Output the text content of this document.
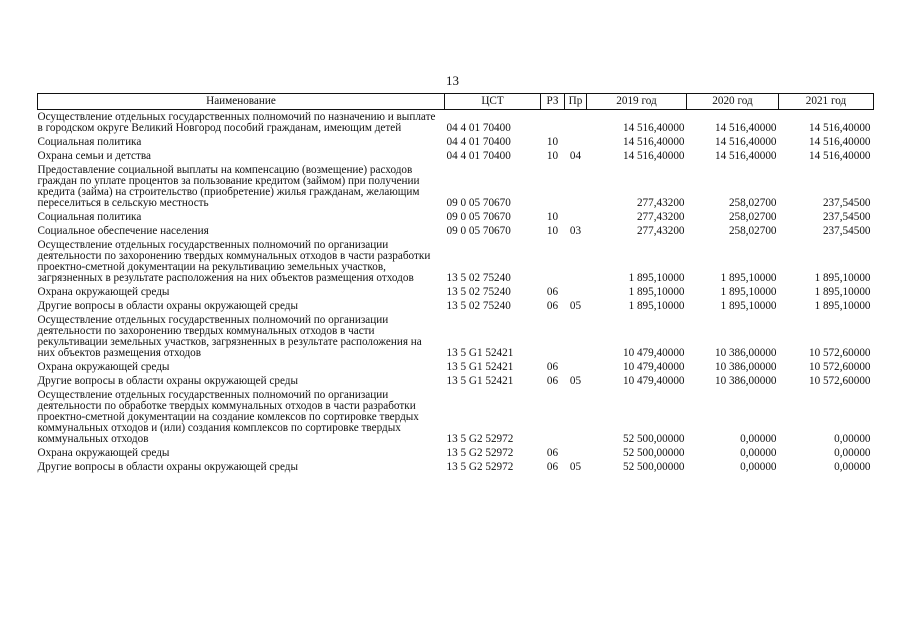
13
Наименование	ЦСТ	РЗ	Пр	2019 год	2020 год	2021 год
Осуществление отдельных государственных полномочий по назначению и выплате в городском округе Великий Новгород пособий гражданам, имеющим детей	04 4 01 70400			14 516,40000	14 516,40000	14 516,40000
Социальная политика	04 4 01 70400	10		14 516,40000	14 516,40000	14 516,40000
Охрана семьи и детства	04 4 01 70400	10	04	14 516,40000	14 516,40000	14 516,40000
Предоставление социальной выплаты на компенсацию (возмещение) расходов граждан по уплате процентов за пользование кредитом (займом) при получении кредита (займа) на строительство (приобретение) жилья гражданам, желающим переселиться в сельскую местность	09 0 05 70670			277,43200	258,02700	237,54500
Социальная политика	09 0 05 70670	10		277,43200	258,02700	237,54500
Социальное обеспечение населения	09 0 05 70670	10	03	277,43200	258,02700	237,54500
Осуществление отдельных государственных полномочий по организации деятельности по захоронению твердых коммунальных отходов в части разработки проектно-сметной документации на рекультивацию земельных участков, загрязненных в результате расположения на них объектов размещения отходов	13 5 02 75240			1 895,10000	1 895,10000	1 895,10000
Охрана окружающей среды	13 5 02 75240	06		1 895,10000	1 895,10000	1 895,10000
Другие вопросы в области охраны окружающей среды	13 5 02 75240	06	05	1 895,10000	1 895,10000	1 895,10000
Осуществление отдельных государственных полномочий по организации деятельности по захоронению твердых коммунальных отходов в части рекультивации земельных участков, загрязненных в результате расположения на них объектов размещения отходов	13 5 G1 52421			10 479,40000	10 386,00000	10 572,60000
Охрана окружающей среды	13 5 G1 52421	06		10 479,40000	10 386,00000	10 572,60000
Другие вопросы в области охраны окружающей среды	13 5 G1 52421	06	05	10 479,40000	10 386,00000	10 572,60000
Осуществление отдельных государственных полномочий по организации деятельности по обработке твердых коммунальных отходов в части разработки проектно-сметной документации на создание комлексов по сортировке твердых коммунальных отходов и (или) создания комплексов по сортировке твердых коммунальных отходов	13 5 G2 52972			52 500,00000	0,00000	0,00000
Охрана окружающей среды	13 5 G2 52972	06		52 500,00000	0,00000	0,00000
Другие вопросы в области охраны окружающей среды	13 5 G2 52972	06	05	52 500,00000	0,00000	0,00000
